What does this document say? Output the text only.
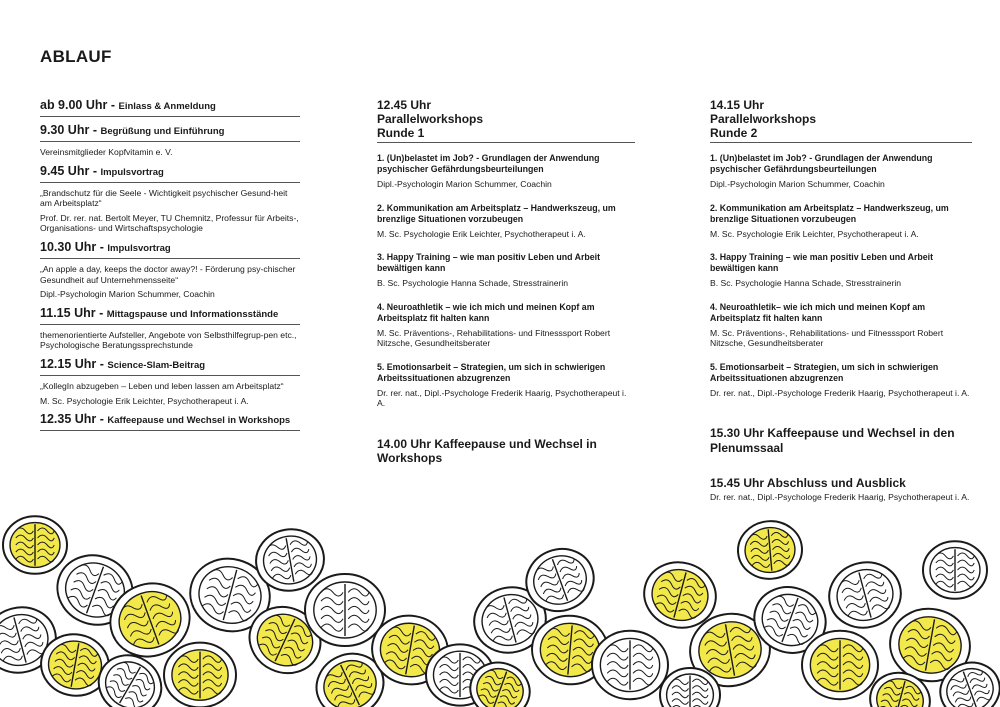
ABLAUF
ab 9.00 Uhr - Einlass & Anmeldung
9.30 Uhr - Begrüßung und Einführung

Vereinsmitglieder Kopfvitamin e. V.

9.45 Uhr - Impulsvortrag

„Brandschutz für die Seele - Wichtigkeit psychischer Gesund-heit am Arbeitsplatz“

Prof. Dr. rer. nat. Bertolt Meyer, TU Chemnitz, Professur für Arbeits-, Organisations- und Wirtschaftspsychologie

10.30 Uhr - Impulsvortrag

„An apple a day, keeps the doctor away?! - Förderung psy-chischer Gesundheit auf Unternehmensseite“

Dipl.-Psychologin Marion Schummer, Coachin

11.15 Uhr - Mittagspause und Informationsstände

themenorientierte Aufsteller, Angebote von Selbsthilfegrup-pen etc., Psychologische Beratungssprechstunde

12.15 Uhr - Science-Slam-Beitrag

„KollegIn abzugeben – Leben und leben lassen am Arbeitsplatz“

M. Sc. Psychologie Erik Leichter, Psychotherapeut i. A.

12.35 Uhr - Kaffeepause und Wechsel in Workshops
12.45 Uhr
Parallelworkshops
Runde 1

1. (Un)belastet im Job? - Grundlagen der Anwendung psychischer Gefährdungsbeurteilungen

Dipl.-Psychologin Marion Schummer, Coachin

2. Kommunikation am Arbeitsplatz – Handwerkszeug, um brenzlige Situationen vorzubeugen

M. Sc. Psychologie Erik Leichter, Psychotherapeut i. A.

3. Happy Training – wie man positiv Leben und Arbeit bewältigen kann

B. Sc. Psychologie Hanna Schade, Stresstrainerin

4. Neuroathletik – wie ich mich und meinen Kopf am Arbeitsplatz fit halten kann

M. Sc. Präventions-, Rehabilitations- und Fitnesssport Robert Nitzsche, Gesundheitsberater

5. Emotionsarbeit – Strategien, um sich in schwierigen Arbeitssituationen abzugrenzen

Dr. rer. nat., Dipl.-Psychologe Frederik Haarig, Psychotherapeut i. A.

14.00 Uhr Kaffeepause und Wechsel in Workshops

14.15 Uhr
Parallelworkshops
Runde 2

1. (Un)belastet im Job? - Grundlagen der Anwendung psychischer Gefährdungsbeurteilungen

Dipl.-Psychologin Marion Schummer, Coachin

2. Kommunikation am Arbeitsplatz – Handwerkszeug, um brenzlige Situationen vorzubeugen

M. Sc. Psychologie Erik Leichter, Psychotherapeut i. A.

3. Happy Training – wie man positiv Leben und Arbeit bewältigen kann

B. Sc. Psychologie Hanna Schade, Stresstrainerin

4. Neuroathletik– wie ich mich und meinen Kopf am Arbeitsplatz fit halten kann

M. Sc. Präventions-, Rehabilitations- und Fitnesssport Robert Nitzsche, Gesundheitsberater

5. Emotionsarbeit – Strategien, um sich in schwierigen Arbeitssituationen abzugrenzen

Dr. rer. nat., Dipl.-Psychologe Frederik Haarig, Psychotherapeut i. A.

15.30 Uhr Kaffeepause und Wechsel in den Plenumssaal

15.45 Uhr Abschluss und Ausblick

Dr. rer. nat., Dipl.-Psychologe Frederik Haarig, Psychotherapeut i. A.
